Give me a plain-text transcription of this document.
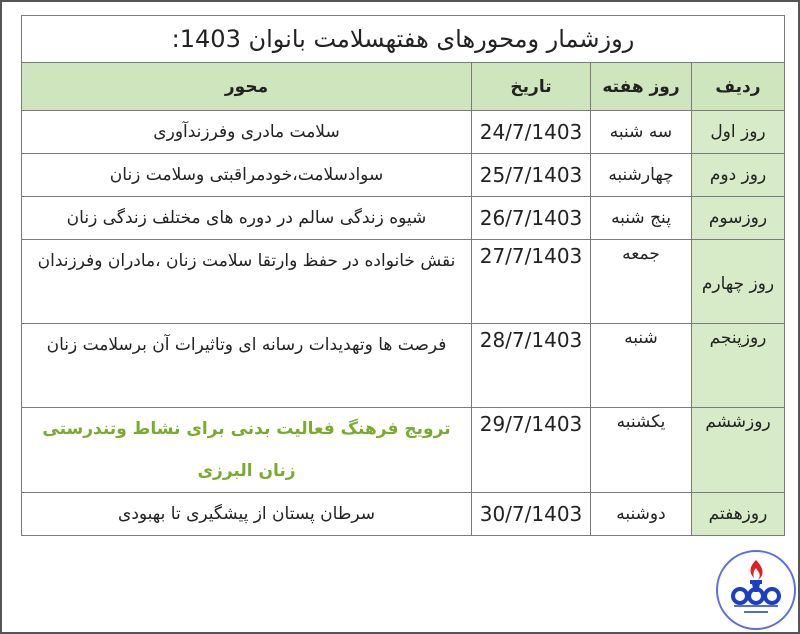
روزشمار ومحورهای هفتهسلامت بانوان 1403:			
ردیف	روز هفته	تاریخ	محور
روز اول	سه شنبه	24/7/1403	سلامت مادری وفرزندآوری
روز دوم	چهارشنبه	25/7/1403	سوادسلامت،خودمراقبتی وسلامت زنان
روزسوم	پنج شنبه	26/7/1403	شیوه زندگی سالم در دوره های مختلف زندگی زنان
روز چهارم	جمعه	27/7/1403	نقش خانواده در حفظ وارتقا سلامت زنان ،مادران وفرزندان
روزپنجم	شنبه	28/7/1403	فرصت ها وتهدیدات رسانه ای وتاثیرات آن برسلامت زنان
روزششم	یکشنبه	29/7/1403	ترویج فرهنگ فعالیت بدنی برای نشاط وتندرستی زنان البرزی
روزهفتم	دوشنبه	30/7/1403	سرطان پستان از پیشگیری تا بهبودی
